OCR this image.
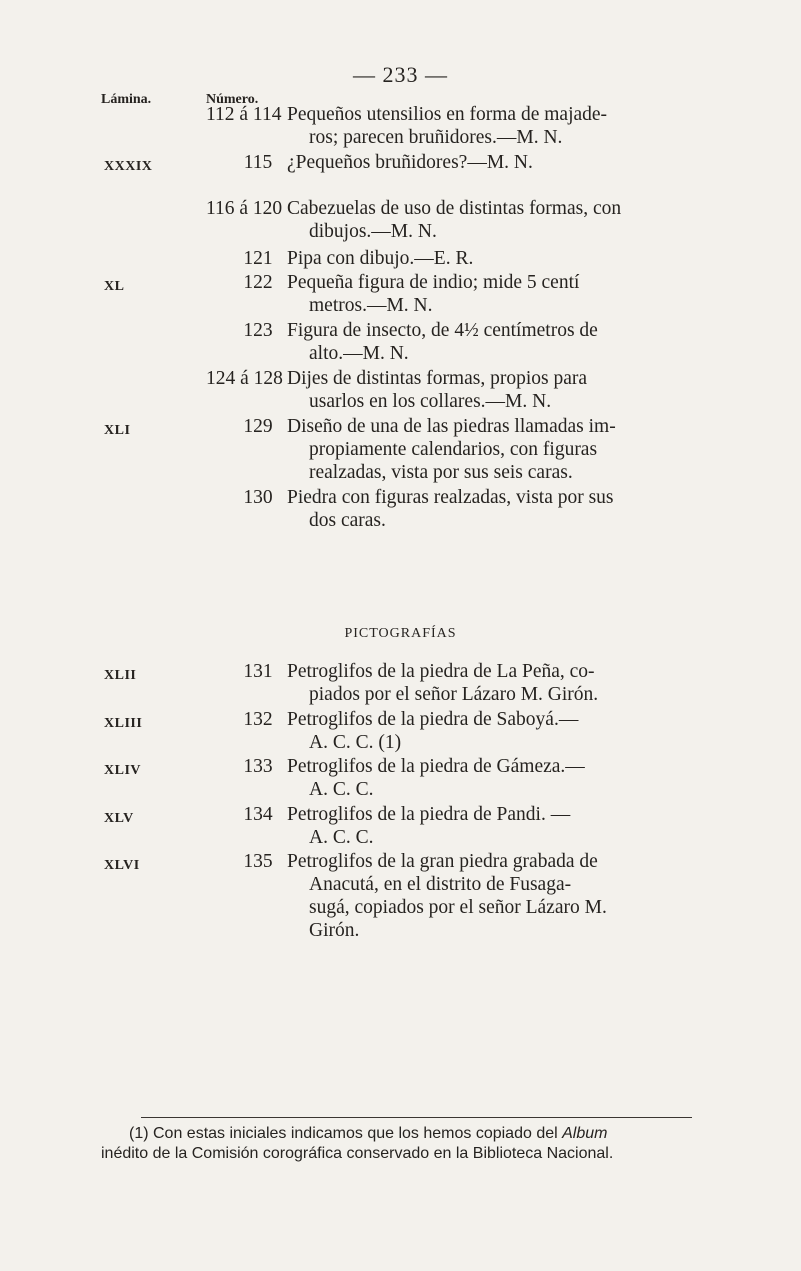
— 233 —
Lámina.	Número.
112 á 114 Pequeños utensilios en forma de majade-
ros; parecen bruñidores.—M. N.
XXXIX	115 ¿Pequeños bruñidores?—M. N.
116 á 120 Cabezuelas de uso de distintas formas, con
dibujos.—M. N.
121 Pipa con dibujo.—E. R.
XL	122 Pequeña figura de indio; mide 5 centí
metros.—M. N.
123 Figura de insecto, de 4½ centímetros de
alto.—M. N.
124 á 128 Dijes de distintas formas, propios para
usarlos en los collares.—M. N.
XLI	129 Diseño de una de las piedras llamadas im-
propiamente calendarios, con figuras
realzadas, vista por sus seis caras.
130 Piedra con figuras realzadas, vista por sus
dos caras.
PICTOGRAFÍAS
XLII	131 Petroglifos de la piedra de La Peña, co-
piados por el señor Lázaro M. Girón.
XLIII	132 Petroglifos de la piedra de Saboyá.—
A. C. C. (1)
XLIV	133 Petroglifos de la piedra de Gámeza.—
A. C. C.
XLV	134 Petroglifos de la piedra de Pandi. —
A. C. C.
XLVI	135 Petroglifos de la gran piedra grabada de
Anacutá, en el distrito de Fusaga-
sugá, copiados por el señor Lázaro M.
Girón.
(1) Con estas iniciales indicamos que los hemos copiado del Album
inédito de la Comisión corográfica conservado en la Biblioteca Nacional.
